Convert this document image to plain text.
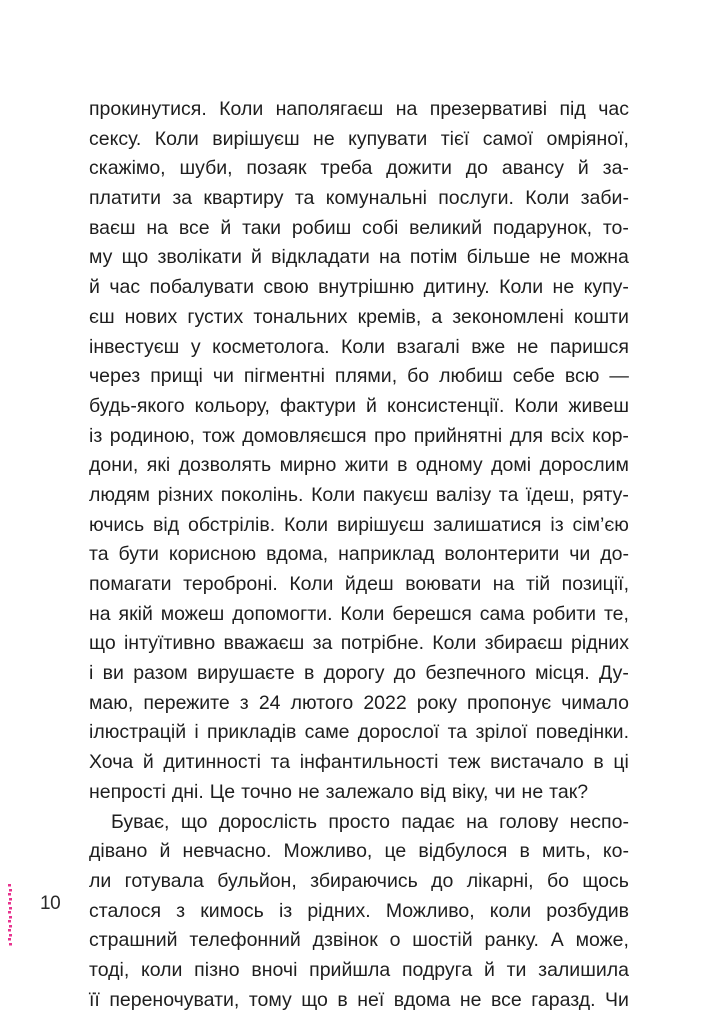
прокинутися. Коли наполягаєш на презервативі під час
сексу. Коли вирішуєш не купувати тієї самої омріяної,
скажімо, шуби, позаяк треба дожити до авансу й за-
платити за квартиру та комунальні послуги. Коли заби-
ваєш на все й таки робиш собі великий подарунок, то-
му що зволікати й відкладати на потім більше не можна
й час побалувати свою внутрішню дитину. Коли не купу-
єш нових густих тональних кремів, а зекономлені кошти
інвестуєш у косметолога. Коли взагалі вже не паришся
через прищі чи пігментні плями, бо любиш себе всю —
будь-якого кольору, фактури й консистенції. Коли живеш
із родиною, тож домовляєшся про прийнятні для всіх кор-
дони, які дозволять мирно жити в одному домі дорослим
людям різних поколінь. Коли пакуєш валізу та їдеш, ряту-
ючись від обстрілів. Коли вирішуєш залишатися із сім’єю
та бути корисною вдома, наприклад волонтерити чи до-
помагати тероброні. Коли йдеш воювати на тій позиції,
на якій можеш допомогти. Коли берешся сама робити те,
що інтуїтивно вважаєш за потрібне. Коли збираєш рідних
і ви разом вирушаєте в дорогу до безпечного місця. Ду-
маю, пережите з 24 лютого 2022 року пропонує чимало
ілюстрацій і прикладів саме дорослої та зрілої поведінки.
Хоча й дитинності та інфантильності теж вистачало в ці
непрості дні. Це точно не залежало від віку, чи не так?
Буває, що дорослість просто падає на голову неспо-
дівано й невчасно. Можливо, це відбулося в мить, ко-
ли готувала бульйон, збираючись до лікарні, бо щось
сталося з кимось із рідних. Можливо, коли розбудив
страшний телефонний дзвінок о шостій ранку. А може,
тоді, коли пізно вночі прийшла подруга й ти залишила
її переночувати, тому що в неї вдома не все гаразд. Чи
10
